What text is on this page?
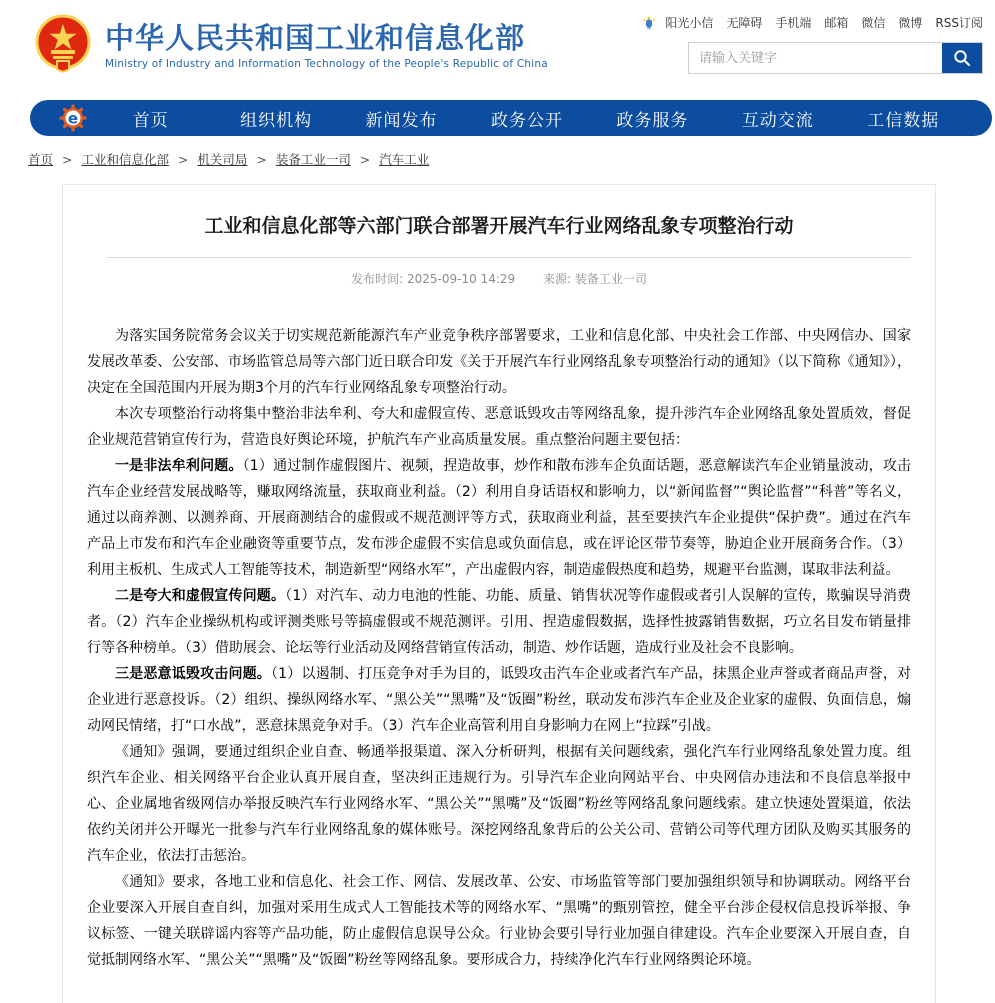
中华人民共和国工业和信息化部
Ministry of Industry and Information Technology of the People's Republic of China
阳光小信 无障碍 手机端 邮箱 微信 微博 RSS订阅
请输入关键字
e	首页	组织机构	新闻发布	政务公开	政务服务	互动交流	工信数据
首页 > 工业和信息化部 > 机关司局 > 装备工业一司 > 汽车工业
工业和信息化部等六部门联合部署开展汽车行业网络乱象专项整治行动
发布时间: 2025-09-10 14:29 来源: 装备工业一司

为落实国务院常务会议关于切实规范新能源汽车产业竞争秩序部署要求，工业和信息化部、中央社会工作部、中央网信办、国家发展改革委、公安部、市场监管总局等六部门近日联合印发《关于开展汽车行业网络乱象专项整治行动的通知》（以下简称《通知》），决定在全国范围内开展为期3个月的汽车行业网络乱象专项整治行动。

本次专项整治行动将集中整治非法牟利、夸大和虚假宣传、恶意诋毁攻击等网络乱象，提升涉汽车企业网络乱象处置质效，督促企业规范营销宣传行为，营造良好舆论环境，护航汽车产业高质量发展。重点整治问题主要包括：

一是非法牟利问题。（1）通过制作虚假图片、视频，捏造故事，炒作和散布涉车企负面话题，恶意解读汽车企业销量波动，攻击汽车企业经营发展战略等，赚取网络流量，获取商业利益。（2）利用自身话语权和影响力，以“新闻监督”“舆论监督”“科普”等名义，通过以商养测、以测养商、开展商测结合的虚假或不规范测评等方式，获取商业利益，甚至要挟汽车企业提供“保护费”。通过在汽车产品上市发布和汽车企业融资等重要节点，发布涉企虚假不实信息或负面信息，或在评论区带节奏等，胁迫企业开展商务合作。（3）利用主板机、生成式人工智能等技术，制造新型“网络水军”，产出虚假内容，制造虚假热度和趋势，规避平台监测，谋取非法利益。

二是夸大和虚假宣传问题。（1）对汽车、动力电池的性能、功能、质量、销售状况等作虚假或者引人误解的宣传，欺骗误导消费者。（2）汽车企业操纵机构或评测类账号等搞虚假或不规范测评。引用、捏造虚假数据，选择性披露销售数据，巧立名目发布销量排行等各种榜单。（3）借助展会、论坛等行业活动及网络营销宣传活动，制造、炒作话题，造成行业及社会不良影响。

三是恶意诋毁攻击问题。（1）以遏制、打压竞争对手为目的，诋毁攻击汽车企业或者汽车产品，抹黑企业声誉或者商品声誉，对企业进行恶意投诉。（2）组织、操纵网络水军、“黑公关”“黑嘴”及“饭圈”粉丝，联动发布涉汽车企业及企业家的虚假、负面信息，煽动网民情绪，打“口水战”，恶意抹黑竞争对手。（3）汽车企业高管利用自身影响力在网上“拉踩”引战。

《通知》强调，要通过组织企业自查、畅通举报渠道、深入分析研判，根据有关问题线索，强化汽车行业网络乱象处置力度。组织汽车企业、相关网络平台企业认真开展自查，坚决纠正违规行为。引导汽车企业向网站平台、中央网信办违法和不良信息举报中心、企业属地省级网信办举报反映汽车行业网络水军、“黑公关”“黑嘴”及“饭圈”粉丝等网络乱象问题线索。建立快速处置渠道，依法依约关闭并公开曝光一批参与汽车行业网络乱象的媒体账号。深挖网络乱象背后的公关公司、营销公司等代理方团队及购买其服务的汽车企业，依法打击惩治。

《通知》要求，各地工业和信息化、社会工作、网信、发展改革、公安、市场监管等部门要加强组织领导和协调联动。网络平台企业要深入开展自查自纠，加强对采用生成式人工智能技术等的网络水军、“黑嘴”的甄别管控，健全平台涉企侵权信息投诉举报、争议标签、一键关联辟谣内容等产品功能，防止虚假信息误导公众。行业协会要引导行业加强自律建设。汽车企业要深入开展自查，自觉抵制网络水军、“黑公关”“黑嘴”及“饭圈”粉丝等网络乱象。要形成合力，持续净化汽车行业网络舆论环境。
